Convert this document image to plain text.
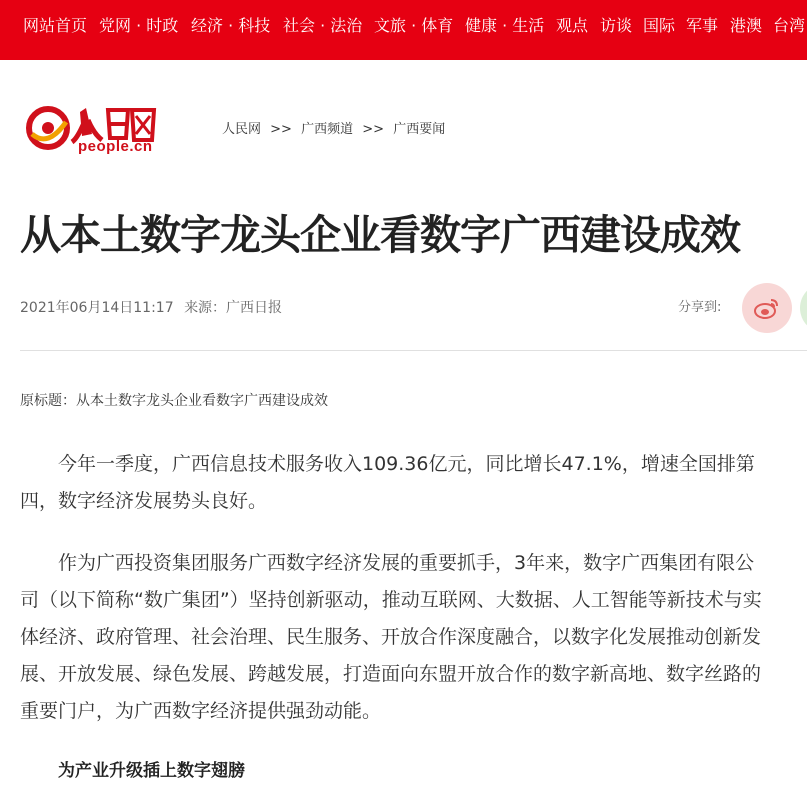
网站首页 党网 · 时政 经济 · 科技 社会 · 法治 文旅 · 体育 健康 · 生活 观点 访谈 国际 军事 港澳 台湾
people.cn
人民网 >> 广西频道 >> 广西要闻
从本土数字龙头企业看数字广西建设成效
2021年06月14日11:17 来源：广西日报	分享到:
原标题：从本土数字龙头企业看数字广西建设成效

今年一季度，广西信息技术服务收入109.36亿元，同比增长47.1%，增速全国排第四，数字经济发展势头良好。

作为广西投资集团服务广西数字经济发展的重要抓手，3年来，数字广西集团有限公司（以下简称“数广集团”）坚持创新驱动，推动互联网、大数据、人工智能等新技术与实体经济、政府管理、社会治理、民生服务、开放合作深度融合，以数字化发展推动创新发展、开放发展、绿色发展、跨越发展，打造面向东盟开放合作的数字新高地、数字丝路的重要门户，为广西数字经济提供强劲动能。

为产业升级插上数字翅膀
